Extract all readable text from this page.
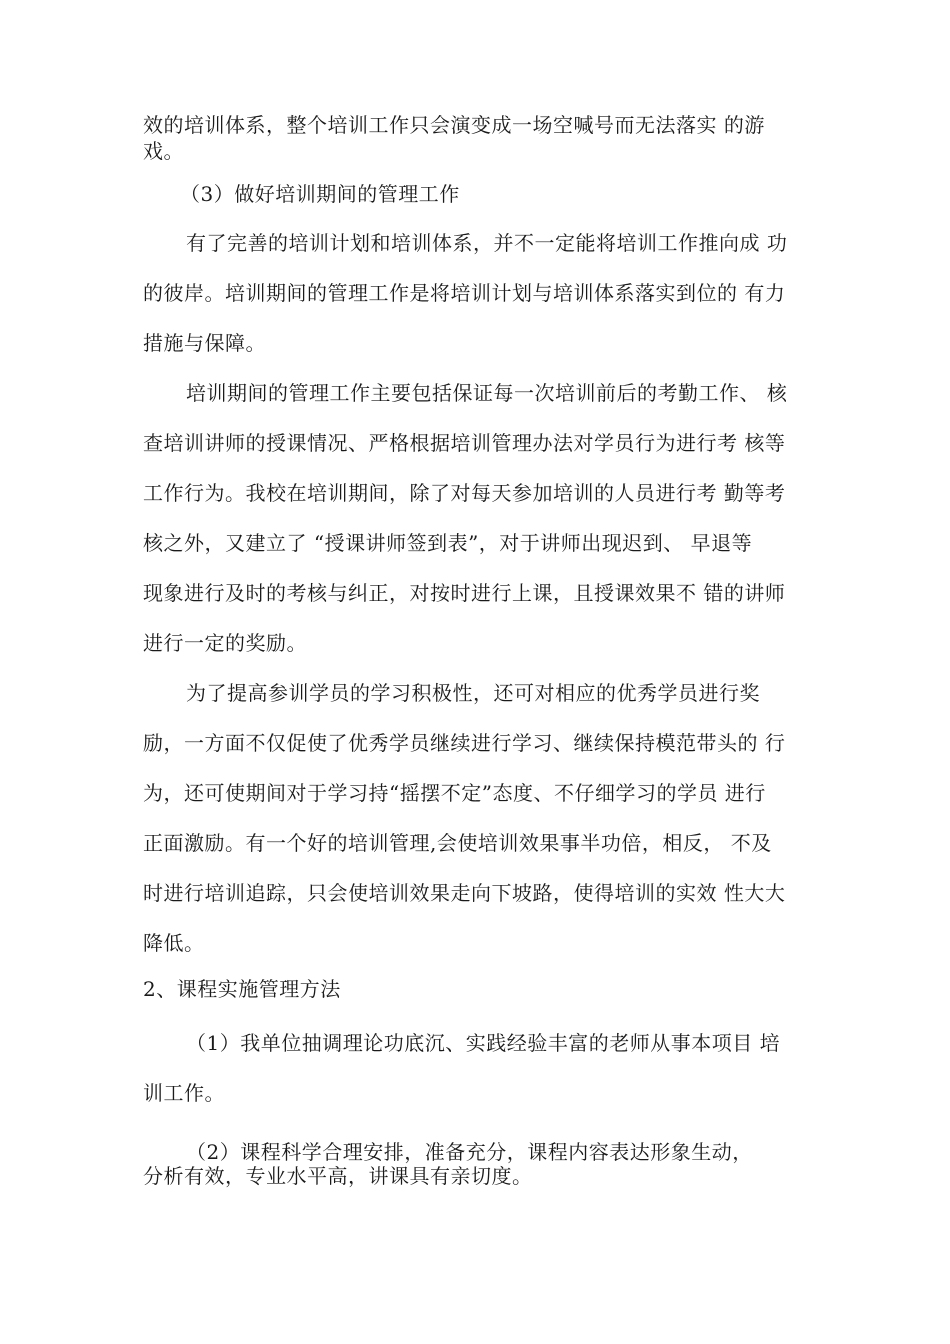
效的培训体系，整个培训工作只会演变成一场空喊号而无法落实 的游
戏。
（3）做好培训期间的管理工作
有了完善的培训计划和培训体系，并不一定能将培训工作推向成 功
的彼岸。培训期间的管理工作是将培训计划与培训体系落实到位的 有力
措施与保障。
培训期间的管理工作主要包括保证每一次培训前后的考勤工作、 核
查培训讲师的授课情况、严格根据培训管理办法对学员行为进行考 核等
工作行为。我校在培训期间，除了对每天参加培训的人员进行考 勤等考
核之外，又建立了 “授课讲师签到表”，对于讲师出现迟到、 早退等
现象进行及时的考核与纠正，对按时进行上课，且授课效果不 错的讲师
进行一定的奖励。
为了提高参训学员的学习积极性，还可对相应的优秀学员进行奖
励，一方面不仅促使了优秀学员继续进行学习、继续保持模范带头的 行
为，还可使期间对于学习持“摇摆不定”态度、不仔细学习的学员 进行
正面激励。有一个好的培训管理,会使培训效果事半功倍，相反， 不及
时进行培训追踪，只会使培训效果走向下坡路，使得培训的实效 性大大
降低。
2、课程实施管理方法
（1）我单位抽调理论功底沉、实践经验丰富的老师从事本项目 培
训工作。
（2）课程科学合理安排，准备充分，课程内容表达形象生动，
分析有效，专业水平高，讲课具有亲切度。
